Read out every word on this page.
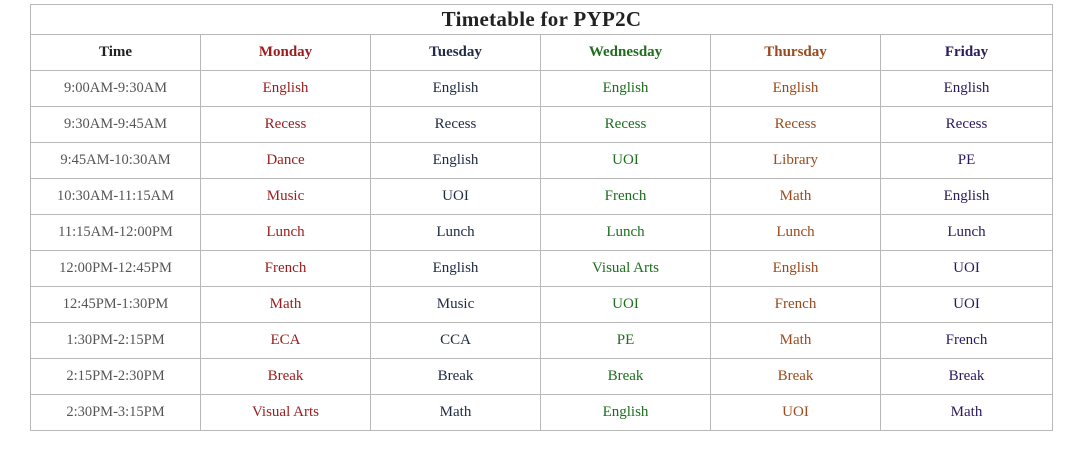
Timetable for PYP2C					
Time	Monday	Tuesday	Wednesday	Thursday	Friday
9:00AM-9:30AM	English	English	English	English	English
9:30AM-9:45AM	Recess	Recess	Recess	Recess	Recess
9:45AM-10:30AM	Dance	English	UOI	Library	PE
10:30AM-11:15AM	Music	UOI	French	Math	English
11:15AM-12:00PM	Lunch	Lunch	Lunch	Lunch	Lunch
12:00PM-12:45PM	French	English	Visual Arts	English	UOI
12:45PM-1:30PM	Math	Music	UOI	French	UOI
1:30PM-2:15PM	ECA	CCA	PE	Math	French
2:15PM-2:30PM	Break	Break	Break	Break	Break
2:30PM-3:15PM	Visual Arts	Math	English	UOI	Math
